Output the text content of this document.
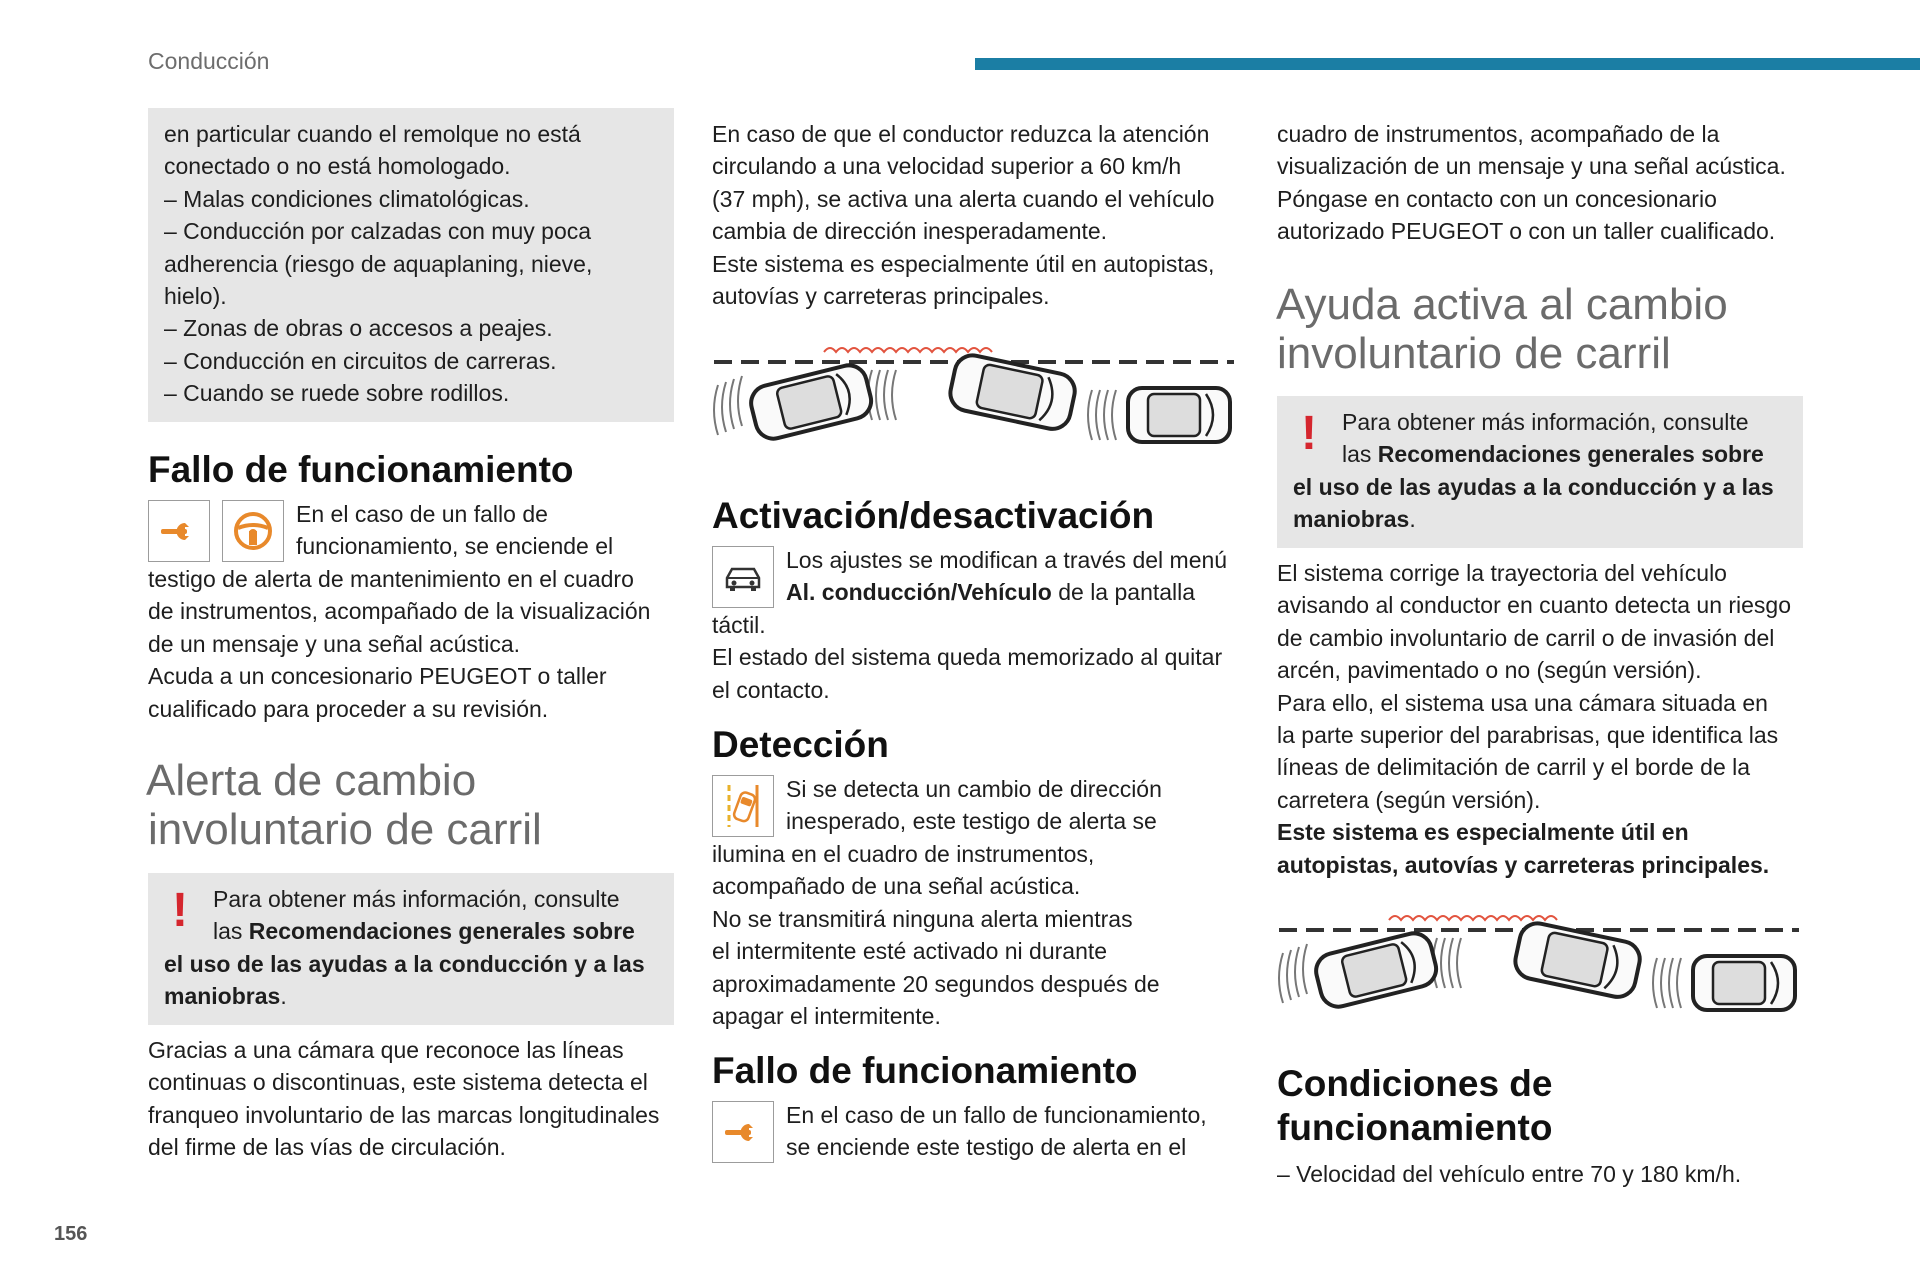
Conducción
156

en particular cuando el remolque no está

conectado o no está homologado.

– Malas condiciones climatológicas.

– Conducción por calzadas con muy poca

adherencia (riesgo de aquaplaning, nieve,

hielo).

– Zonas de obras o accesos a peajes.

– Conducción en circuitos de carreras.

– Cuando se ruede sobre rodillos.

Fallo de funcionamiento

En el caso de un fallo de

funcionamiento, se enciende el

testigo de alerta de mantenimiento en el cuadro

de instrumentos, acompañado de la visualización

de un mensaje y una señal acústica.

Acuda a un concesionario PEUGEOT o taller

cualificado para proceder a su revisión.

Alerta de cambio
involuntario de carril
!	Para obtener más información, consulte

las Recomendaciones generales sobre

el uso de las ayudas a la conducción y a las

maniobras.

Gracias a una cámara que reconoce las líneas

continuas o discontinuas, este sistema detecta el

franqueo involuntario de las marcas longitudinales

del firme de las vías de circulación.

En caso de que el conductor reduzca la atención

circulando a una velocidad superior a 60 km/h

(37 mph), se activa una alerta cuando el vehículo

cambia de dirección inesperadamente.

Este sistema es especialmente útil en autopistas,

autovías y carreteras principales.

Activación/desactivación

Los ajustes se modifican a través del menú

Al. conducción/Vehículo de la pantalla

táctil.

El estado del sistema queda memorizado al quitar

el contacto.

Detección

Si se detecta un cambio de dirección

inesperado, este testigo de alerta se

ilumina en el cuadro de instrumentos,

acompañado de una señal acústica.

No se transmitirá ninguna alerta mientras

el intermitente esté activado ni durante

aproximadamente 20 segundos después de

apagar el intermitente.

Fallo de funcionamiento

En el caso de un fallo de funcionamiento,

se enciende este testigo de alerta en el

cuadro de instrumentos, acompañado de la

visualización de un mensaje y una señal acústica.

Póngase en contacto con un concesionario

autorizado PEUGEOT o con un taller cualificado.

Ayuda activa al cambio
involuntario de carril
!	Para obtener más información, consulte

las Recomendaciones generales sobre

el uso de las ayudas a la conducción y a las

maniobras.

El sistema corrige la trayectoria del vehículo

avisando al conductor en cuanto detecta un riesgo

de cambio involuntario de carril o de invasión del

arcén, pavimentado o no (según versión).

Para ello, el sistema usa una cámara situada en

la parte superior del parabrisas, que identifica las

líneas de delimitación de carril y el borde de la

carretera (según versión).

Este sistema es especialmente útil en

autopistas, autovías y carreteras principales.

Condiciones de
funcionamiento

– Velocidad del vehículo entre 70 y 180 km/h.
